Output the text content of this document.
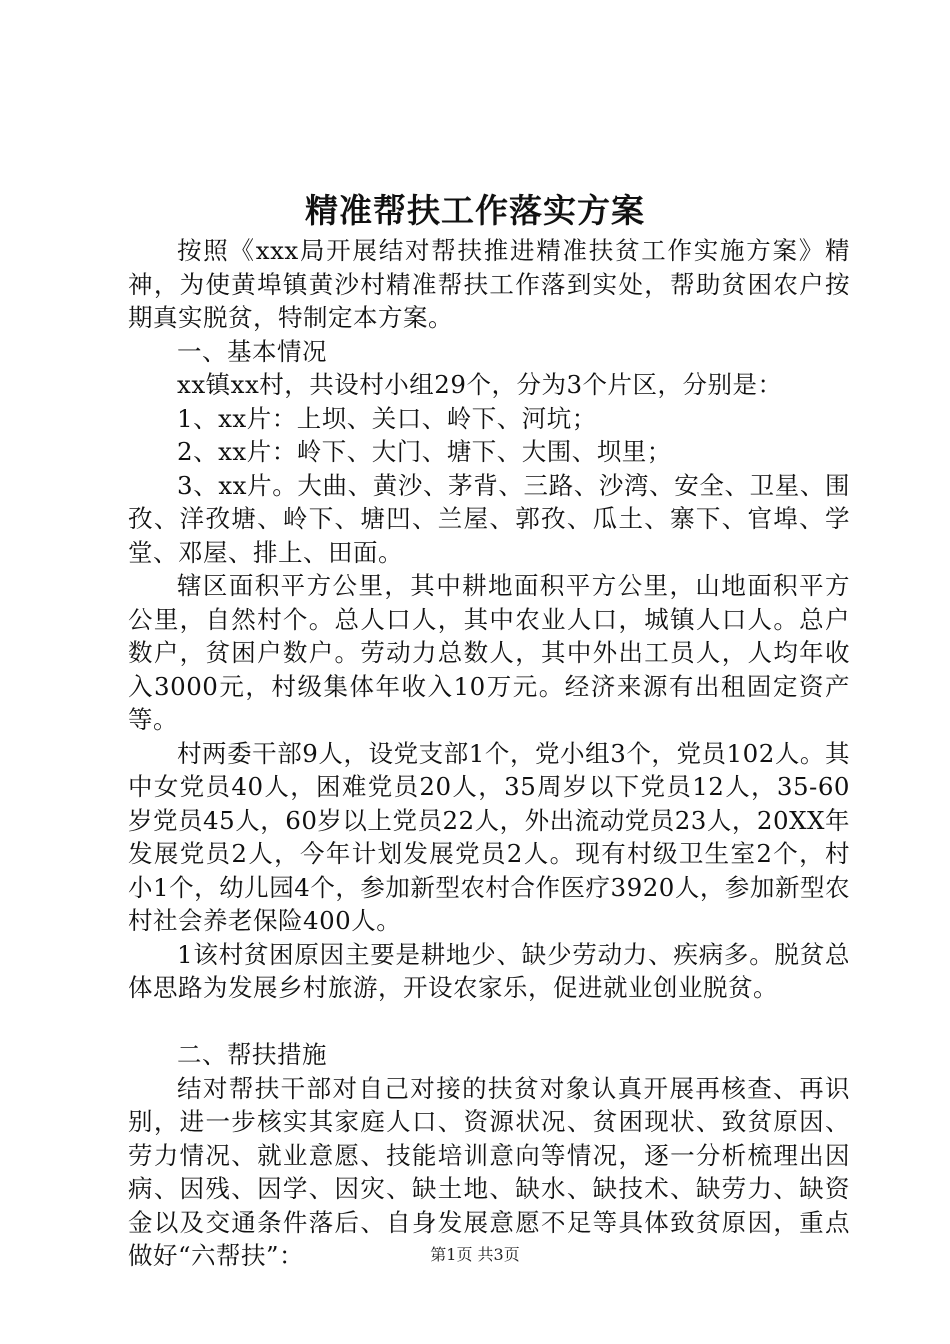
精准帮扶工作落实方案

按照《xxx局开展结对帮扶推进精准扶贫工作实施方案》精神，为使黄埠镇黄沙村精准帮扶工作落到实处，帮助贫困农户按期真实脱贫，特制定本方案。

一、基本情况

xx镇xx村，共设村小组29个，分为3个片区，分别是：

1、xx片：上坝、关口、岭下、河坑；

2、xx片：岭下、大门、塘下、大围、坝里；

3、xx片。大曲、黄沙、茅背、三路、沙湾、安全、卫星、围孜、洋孜塘、岭下、塘凹、兰屋、郭孜、瓜土、寨下、官埠、学堂、邓屋、排上、田面。

辖区面积平方公里，其中耕地面积平方公里，山地面积平方公里，自然村个。总人口人，其中农业人口，城镇人口人。总户数户，贫困户数户。劳动力总数人，其中外出工员人，人均年收入3000元，村级集体年收入10万元。经济来源有出租固定资产等。

村两委干部9人，设党支部1个，党小组3个，党员102人。其中女党员40人，困难党员20人，35周岁以下党员12人，35-60岁党员45人，60岁以上党员22人，外出流动党员23人，20XX年发展党员2人，今年计划发展党员2人。现有村级卫生室2个，村小1个，幼儿园4个，参加新型农村合作医疗3920人，参加新型农村社会养老保险400人。

1该村贫困原因主要是耕地少、缺少劳动力、疾病多。脱贫总体思路为发展乡村旅游，开设农家乐，促进就业创业脱贫。

二、帮扶措施

结对帮扶干部对自己对接的扶贫对象认真开展再核查、再识别，进一步核实其家庭人口、资源状况、贫困现状、致贫原因、劳力情况、就业意愿、技能培训意向等情况，逐一分析梳理出因病、因残、因学、因灾、缺土地、缺水、缺技术、缺劳力、缺资金以及交通条件落后、自身发展意愿不足等具体致贫原因，重点做好“六帮扶”：	第1页 共3页
